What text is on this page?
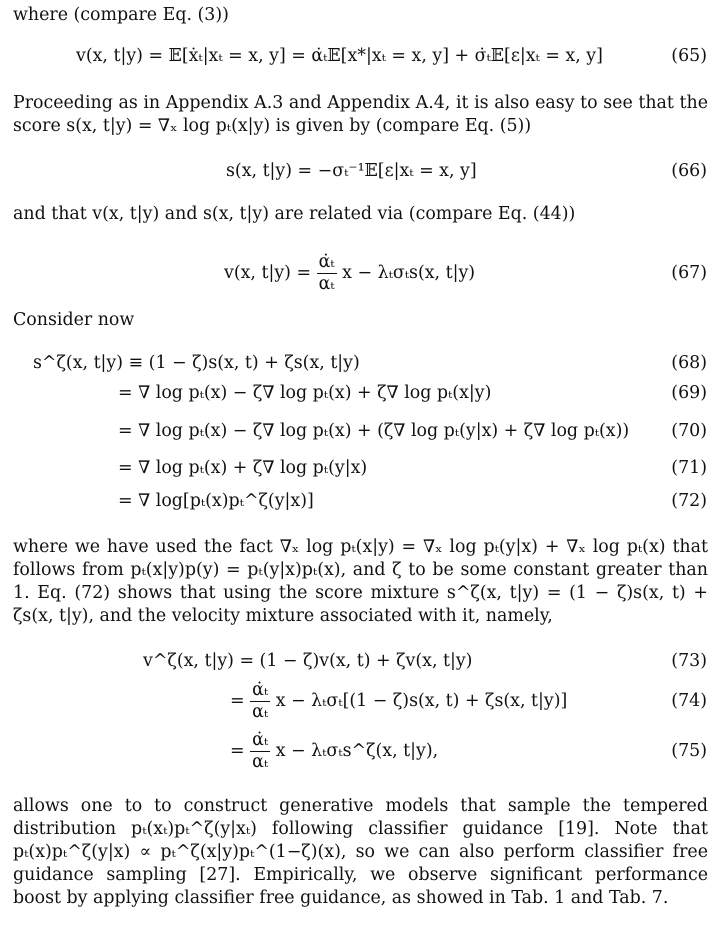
where (compare Eq. (3))

v(x, t|y) = 𝔼[ẋₜ|xₜ = x, y] = α̇ₜ𝔼[x*|xₜ = x, y] + σ̇ₜ𝔼[ε|xₜ = x, y]	(65)

Proceeding as in Appendix A.3 and Appendix A.4, it is also easy to see that the score s(x, t|y) = ∇ₓ log pₜ(x|y) is given by (compare Eq. (5))

s(x, t|y) = −σₜ⁻¹𝔼[ε|xₜ = x, y]	(66)

and that v(x, t|y) and s(x, t|y) are related via (compare Eq. (44))

v(x, $t|y) = \frac{\text{α̇ₜ}}{\text{αₜ}}$ x − λₜσₜs(x, t|y)	(67)

Consider now

s^ζ(x, t|y) ≡ (1 − ζ)s(x, t) + ζs(x, t|y)	(68)
= ∇ log pₜ(x) − ζ∇ log pₜ(x) + ζ∇ log pₜ(x|y)	(69)
= ∇ log pₜ(x) − ζ∇ log pₜ(x) + (ζ∇ log pₜ(y|x) + ζ∇ log pₜ(x)) (70)
= ∇ log pₜ(x) + ζ∇ log pₜ(y|x)	(71)
= ∇ log[pₜ(x)pₜ^ζ(y|x)]	(72)

where we have used the fact ∇ₓ log pₜ(x|y) = ∇ₓ log pₜ(y|x) + ∇ₓ log pₜ(x) that follows from pₜ(x|y)p(y) = pₜ(y|x)pₜ(x), and ζ to be some constant greater than 1. Eq. (72) shows that using the score mixture s^ζ(x, t|y) = (1 − ζ)s(x, t) + ζs(x, t|y), and the velocity mixture associated with it, namely,

v^ζ(x, t|y) = (1 − ζ)v(x, t) + ζv(x, t|y)	(73)
= $\frac{\text{α̇ₜ}}{\text{αₜ}}$ x − λₜσₜ[(1 − ζ)s(x, t) + ζs(x, t|y)]	(74)
= $\frac{\text{α̇ₜ}}{\text{αₜ}}$ x − λₜσₜs^ζ(x, t|y),	(75)

allows one to to construct generative models that sample the tempered distribution pₜ(xₜ)pₜ^ζ(y|xₜ) following classifier guidance [19]. Note that pₜ(x)pₜ^ζ(y|x) ∝ pₜ^ζ(x|y)pₜ^(1−ζ)(x), so we can also perform classifier free guidance sampling [27]. Empirically, we observe significant performance boost by applying classifier free guidance, as showed in Tab. 1 and Tab. 7.
